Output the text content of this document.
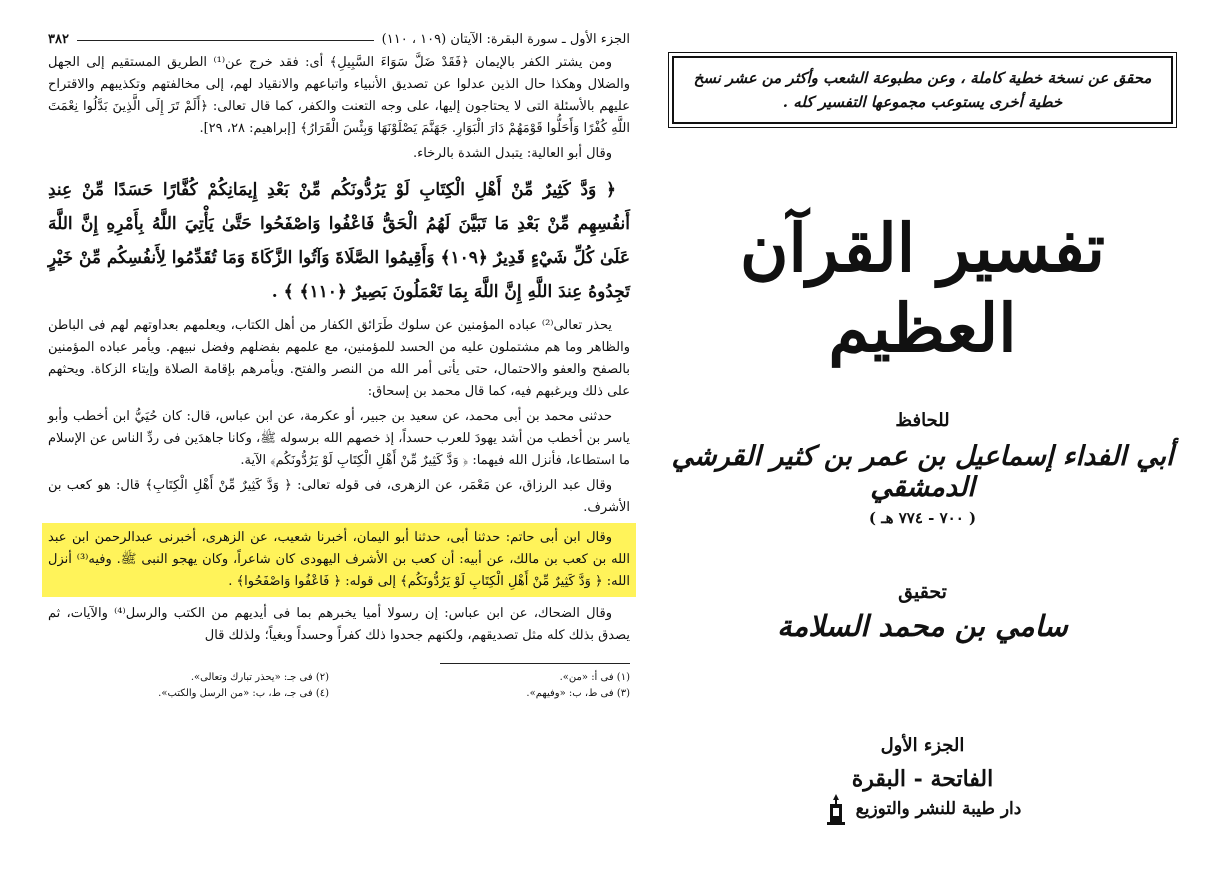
الجزء الأول ـ سورة البقرة: الآيتان (١٠٩ ، ١١٠)
٣٨٢

ومن يشتر الكفر بالإيمان ﴿فَقَدْ ضَلَّ سَوَاءَ السَّبِيلِ﴾ أى: فقد خرج عن⁽¹⁾ الطريق المستقيم إلى الجهل والضلال وهكذا حال الذين عدلوا عن تصديق الأنبياء واتباعهم والانقياد لهم، إلى مخالفتهم وتكذيبهم والاقتراح عليهم بالأسئلة التى لا يحتاجون إليها، على وجه التعنت والكفر، كما قال تعالى: ﴿أَلَمْ تَرَ إِلَى الَّذِينَ بَدَّلُوا نِعْمَتَ اللَّهِ كُفْرًا وَأَحَلُّوا قَوْمَهُمْ دَارَ الْبَوَارِ. جَهَنَّمَ يَصْلَوْنَهَا وَبِئْسَ الْقَرَارُ﴾ [إبراهيم: ٢٨، ٢٩].

وقال أبو العالية: يتبدل الشدة بالرخاء.

﴿ وَدَّ كَثِيرٌ مِّنْ أَهْلِ الْكِتَابِ لَوْ يَرُدُّونَكُم مِّنْ بَعْدِ إِيمَانِكُمْ كُفَّارًا حَسَدًا مِّنْ عِندِ أَنفُسِهِم مِّنْ بَعْدِ مَا تَبَيَّنَ لَهُمُ الْحَقُّ فَاعْفُوا وَاصْفَحُوا حَتَّىٰ يَأْتِيَ اللَّهُ بِأَمْرِهِ إِنَّ اللَّهَ عَلَىٰ كُلِّ شَيْءٍ قَدِيرٌ ﴿١٠٩﴾ وَأَقِيمُوا الصَّلَاةَ وَآتُوا الزَّكَاةَ وَمَا تُقَدِّمُوا لِأَنفُسِكُم مِّنْ خَيْرٍ تَجِدُوهُ عِندَ اللَّهِ إِنَّ اللَّهَ بِمَا تَعْمَلُونَ بَصِيرٌ ﴿١١٠﴾ ﴾ .

يحذر تعالى⁽²⁾ عباده المؤمنين عن سلوك طَرَائق الكفار من أهل الكتاب، ويعلمهم بعداوتهم لهم فى الباطن والظاهر وما هم مشتملون عليه من الحسد للمؤمنين، مع علمهم بفضلهم وفضل نبيهم. ويأمر عباده المؤمنين بالصفح والعفو والاحتمال، حتى يأتى أمر الله من النصر والفتح. ويأمرهم بإقامة الصلاة وإيتاء الزكاة. ويحثهم على ذلك ويرغبهم فيه، كما قال محمد بن إسحاق:

حدثنى محمد بن أبى محمد، عن سعيد بن جبير، أو عكرمة، عن ابن عباس، قال: كان حُيَيُّ ابن أخطب وأبو ياسر بن أخطب من أشد يهودَ للعرب حسداً، إذ خصهم الله برسوله ﷺ، وكانا جاهدَين فى ردِّ الناس عن الإسلام ما استطاعا، فأنزل الله فيهما: ﴿ وَدَّ كَثِيرٌ مِّنْ أَهْلِ الْكِتَابِ لَوْ يَرُدُّونَكُم﴾ الآية.

وقال عبد الرزاق، عن مَعْمَر، عن الزهرى، فى قوله تعالى: ﴿ وَدَّ كَثِيرٌ مِّنْ أَهْلِ الْكِتَابِ﴾ قال: هو كعب بن الأشرف.

وقال ابن أبى حاتم: حدثنا أبى، حدثنا أبو اليمان، أخبرنا شعيب، عن الزهرى، أخبرنى عبدالرحمن ابن عبد الله بن كعب بن مالك، عن أبيه: أن كعب بن الأشرف اليهودى كان شاعراً، وكان يهجو النبى ﷺ. وفيه⁽³⁾ أنزل الله: ﴿ وَدَّ كَثِيرٌ مِّنْ أَهْلِ الْكِتَابِ لَوْ يَرُدُّونَكُم﴾ إلى قوله: ﴿ فَاعْفُوا وَاصْفَحُوا﴾ .

وقال الضحاك، عن ابن عباس: إن رسولا أميا يخبرهم بما فى أيديهم من الكتب والرسل⁽⁴⁾ والآيات، ثم يصدق بذلك كله مثل تصديقهم، ولكنهم جحدوا ذلك كفراً وحسداً وبغياً؛ ولذلك قال

(١) فى أ: «من».
(٢) فى جـ: «يحذر تبارك وتعالى».
(٣) فى ط، ب: «وفيهم».
(٤) فى جـ، ط، ب: «من الرسل والكتب».
محقق عن نسخة خطية كاملة ، وعن مطبوعة الشعب وأكثر من عشر نسخ خطية أخرى يستوعب مجموعها التفسير كله .
تفسير القرآن العظيم
للحافظ
أبي الفداء إسماعيل بن عمر بن كثير القرشي الدمشقي
( ٧٠٠ - ٧٧٤ هـ )
تحقيق
سامي بن محمد السلامة
الجزء الأول
الفاتحة - البقرة
دار طيبة للنشر والتوزيع
